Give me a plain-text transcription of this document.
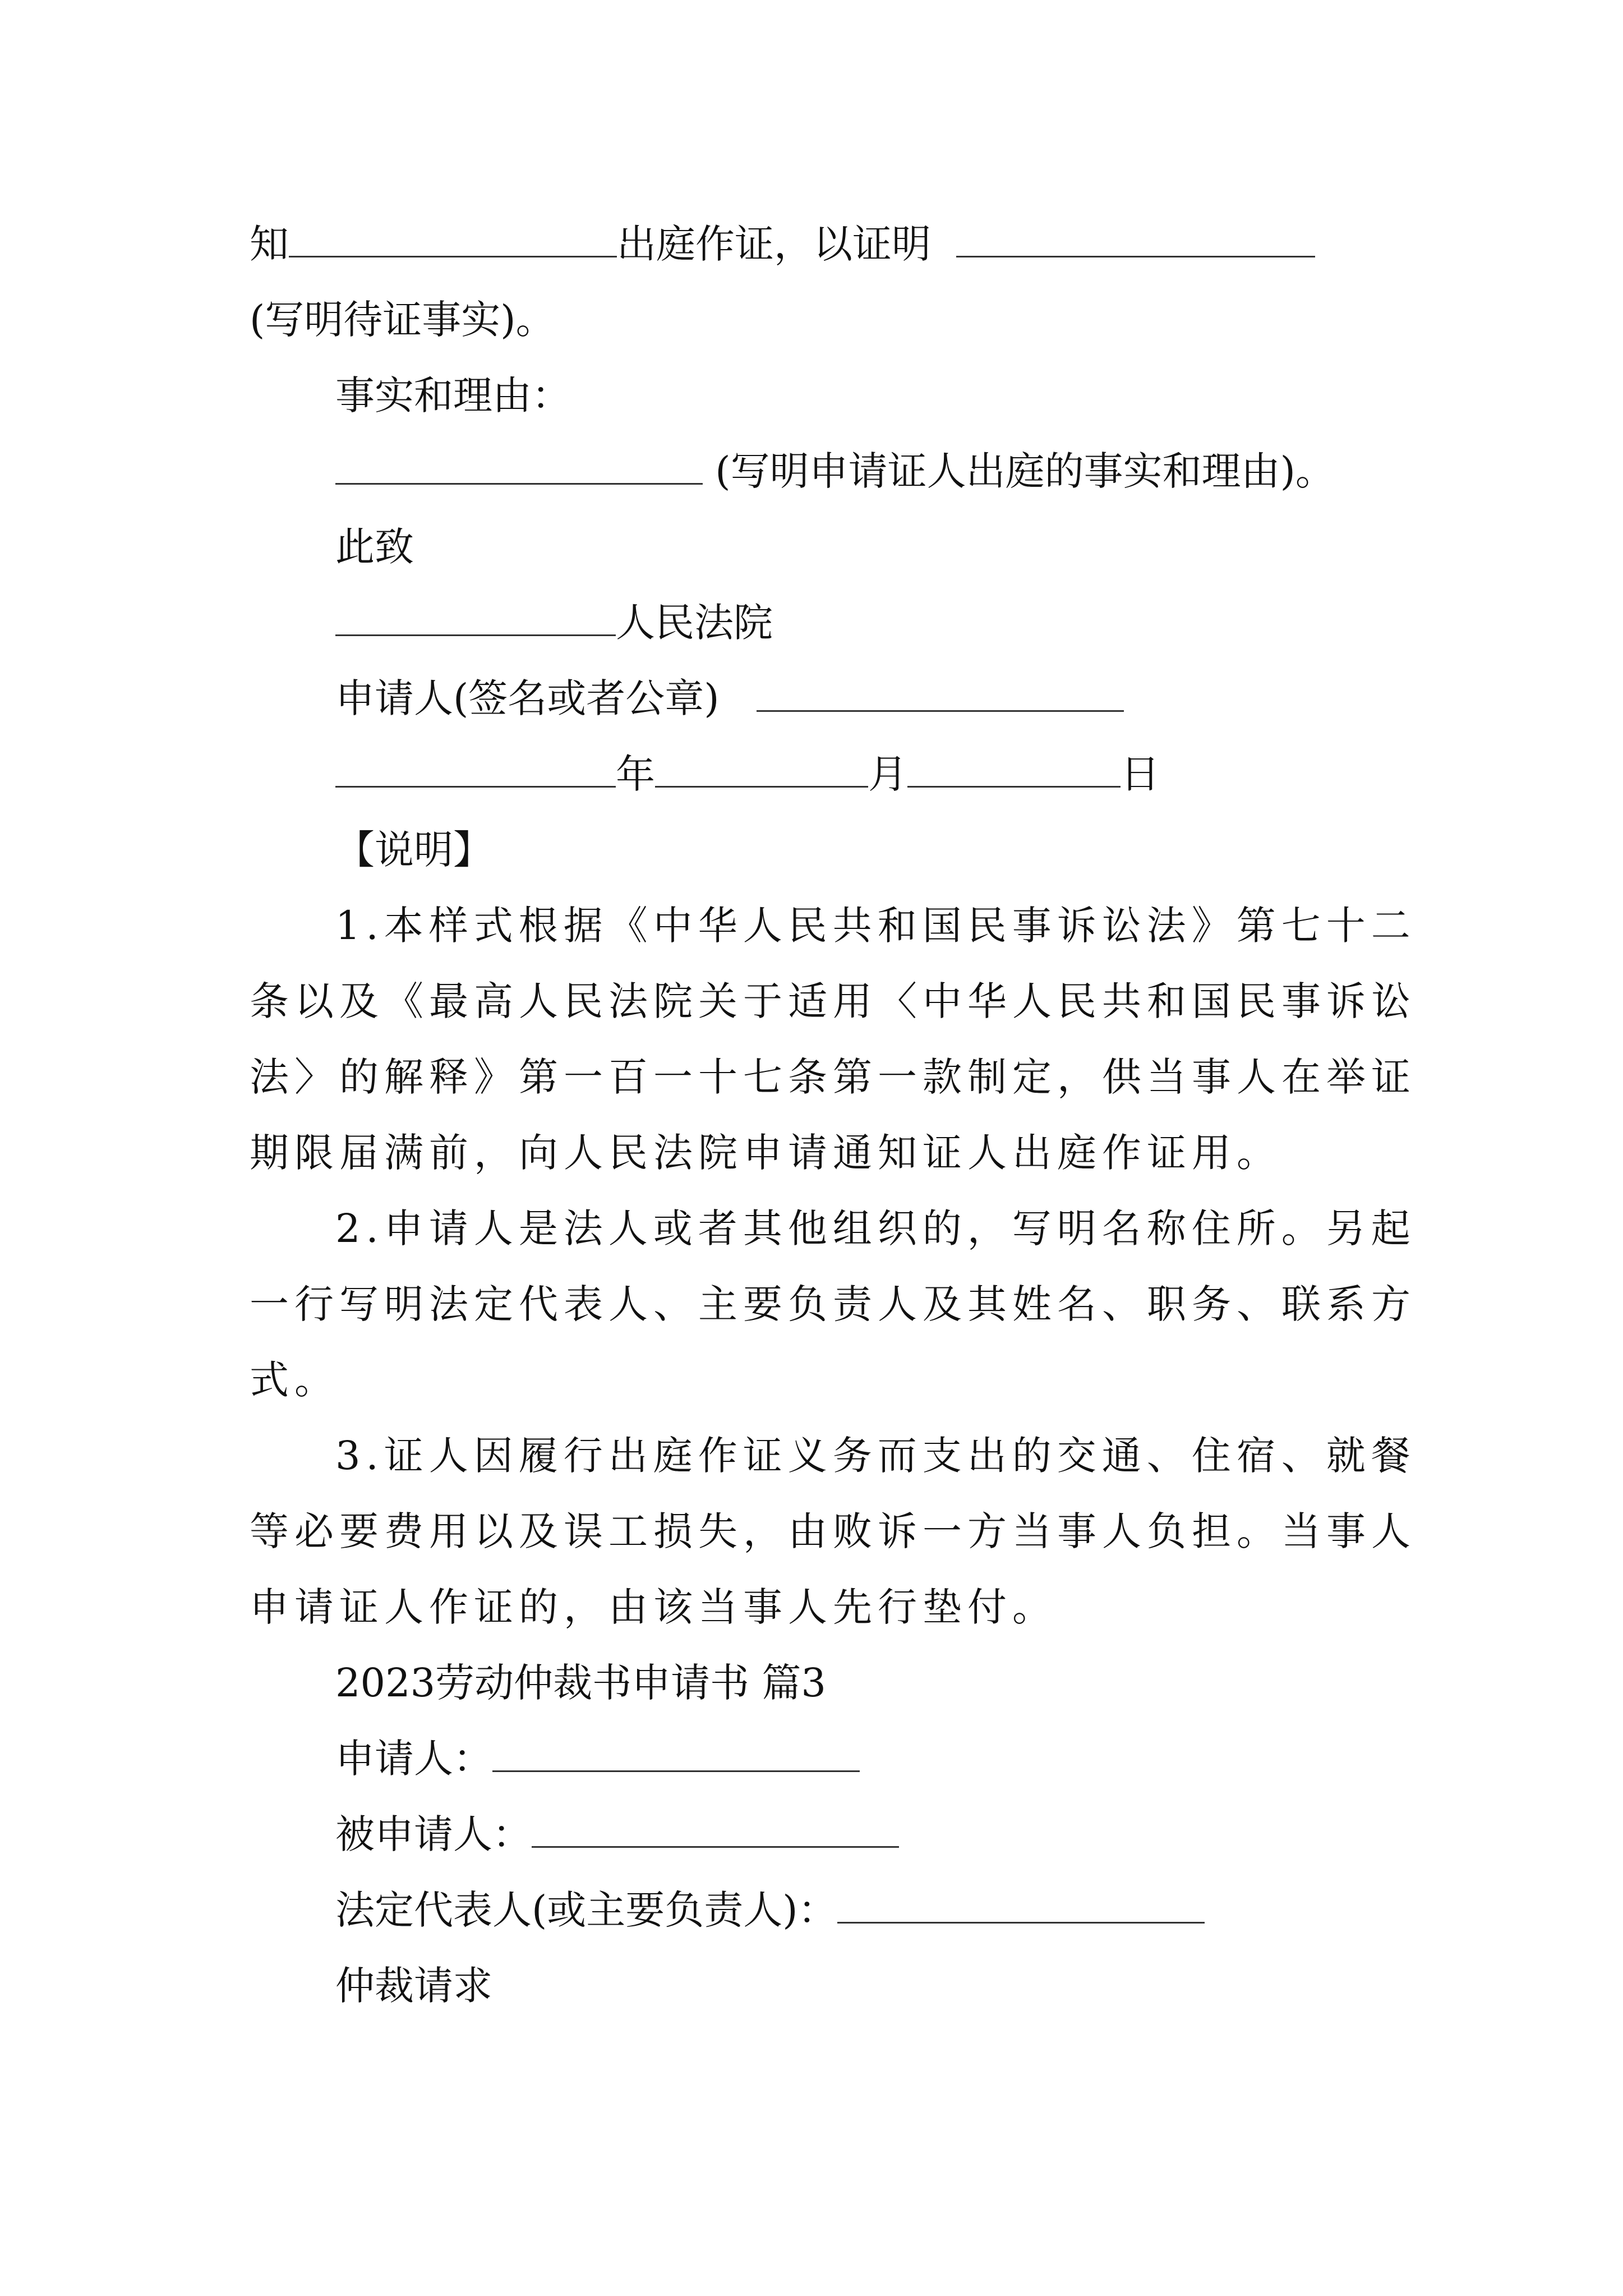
知	出庭作证，以证明
(写明待证事实)。
事实和理由：
(写明申请证人出庭的事实和理由)。
此致
人民法院
申请人(签名或者公章)
年	月	日
【说明】
1.本样式根据《中华人民共和国民事诉讼法》第七十二
条以及《最高人民法院关于适用〈中华人民共和国民事诉讼
法〉的解释》第一百一十七条第一款制定，供当事人在举证
期限届满前，向人民法院申请通知证人出庭作证用。
2.申请人是法人或者其他组织的，写明名称住所。另起
一行写明法定代表人、主要负责人及其姓名、职务、联系方
式。
3.证人因履行出庭作证义务而支出的交通、住宿、就餐
等必要费用以及误工损失，由败诉一方当事人负担。当事人
申请证人作证的，由该当事人先行垫付。
2023劳动仲裁书申请书 篇3
申请人：
被申请人：
法定代表人(或主要负责人)：
仲裁请求
